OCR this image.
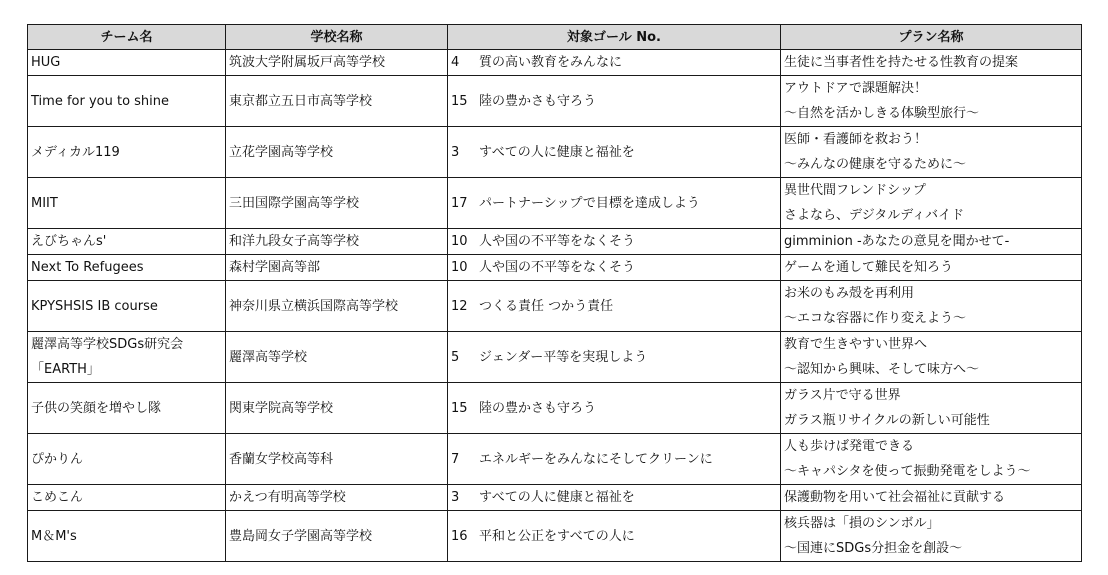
チーム名	学校名称	対象ゴール No.	プラン名称

HUG	筑波大学附属坂戸高等学校	4 質の高い教育をみんなに	生徒に当事者性を持たせる性教育の提案

Time for you to shine	東京都立五日市高等学校	15 陸の豊かさも守ろう	アウトドアで課題解決！
～自然を活かしきる体験型旅行～

メディカル119	立花学園高等学校	3 すべての人に健康と福祉を	医師・看護師を救おう！
～みんなの健康を守るために～

MIIT	三田国際学園高等学校	17 パートナーシップで目標を達成しよう	異世代間フレンドシップ
さよなら、デジタルディバイド

えびちゃんs'	和洋九段女子高等学校	10 人や国の不平等をなくそう	gimminion -あなたの意見を聞かせて-

Next To Refugees	森村学園高等部	10 人や国の不平等をなくそう	ゲームを通して難民を知ろう

KPYSHSIS IB course	神奈川県立横浜国際高等学校	12 つくる責任 つかう責任	お米のもみ殻を再利用
～エコな容器に作り変えよう～

麗澤高等学校SDGs研究会
「EARTH」	麗澤高等学校	5 ジェンダー平等を実現しよう	教育で生きやすい世界へ
～認知から興味、そして味方へ～

子供の笑顔を増やし隊	関東学院高等学校	15 陸の豊かさも守ろう	ガラス片で守る世界
ガラス瓶リサイクルの新しい可能性

ぴかりん	香蘭女学校高等科	7 エネルギーをみんなにそしてクリーンに	人も歩けば発電できる
～キャパシタを使って振動発電をしよう～

こめこん	かえつ有明高等学校	3 すべての人に健康と福祉を	保護動物を用いて社会福祉に貢献する

M＆M's	豊島岡女子学園高等学校	16 平和と公正をすべての人に	核兵器は「損のシンボル」
～国連にSDGs分担金を創設～
